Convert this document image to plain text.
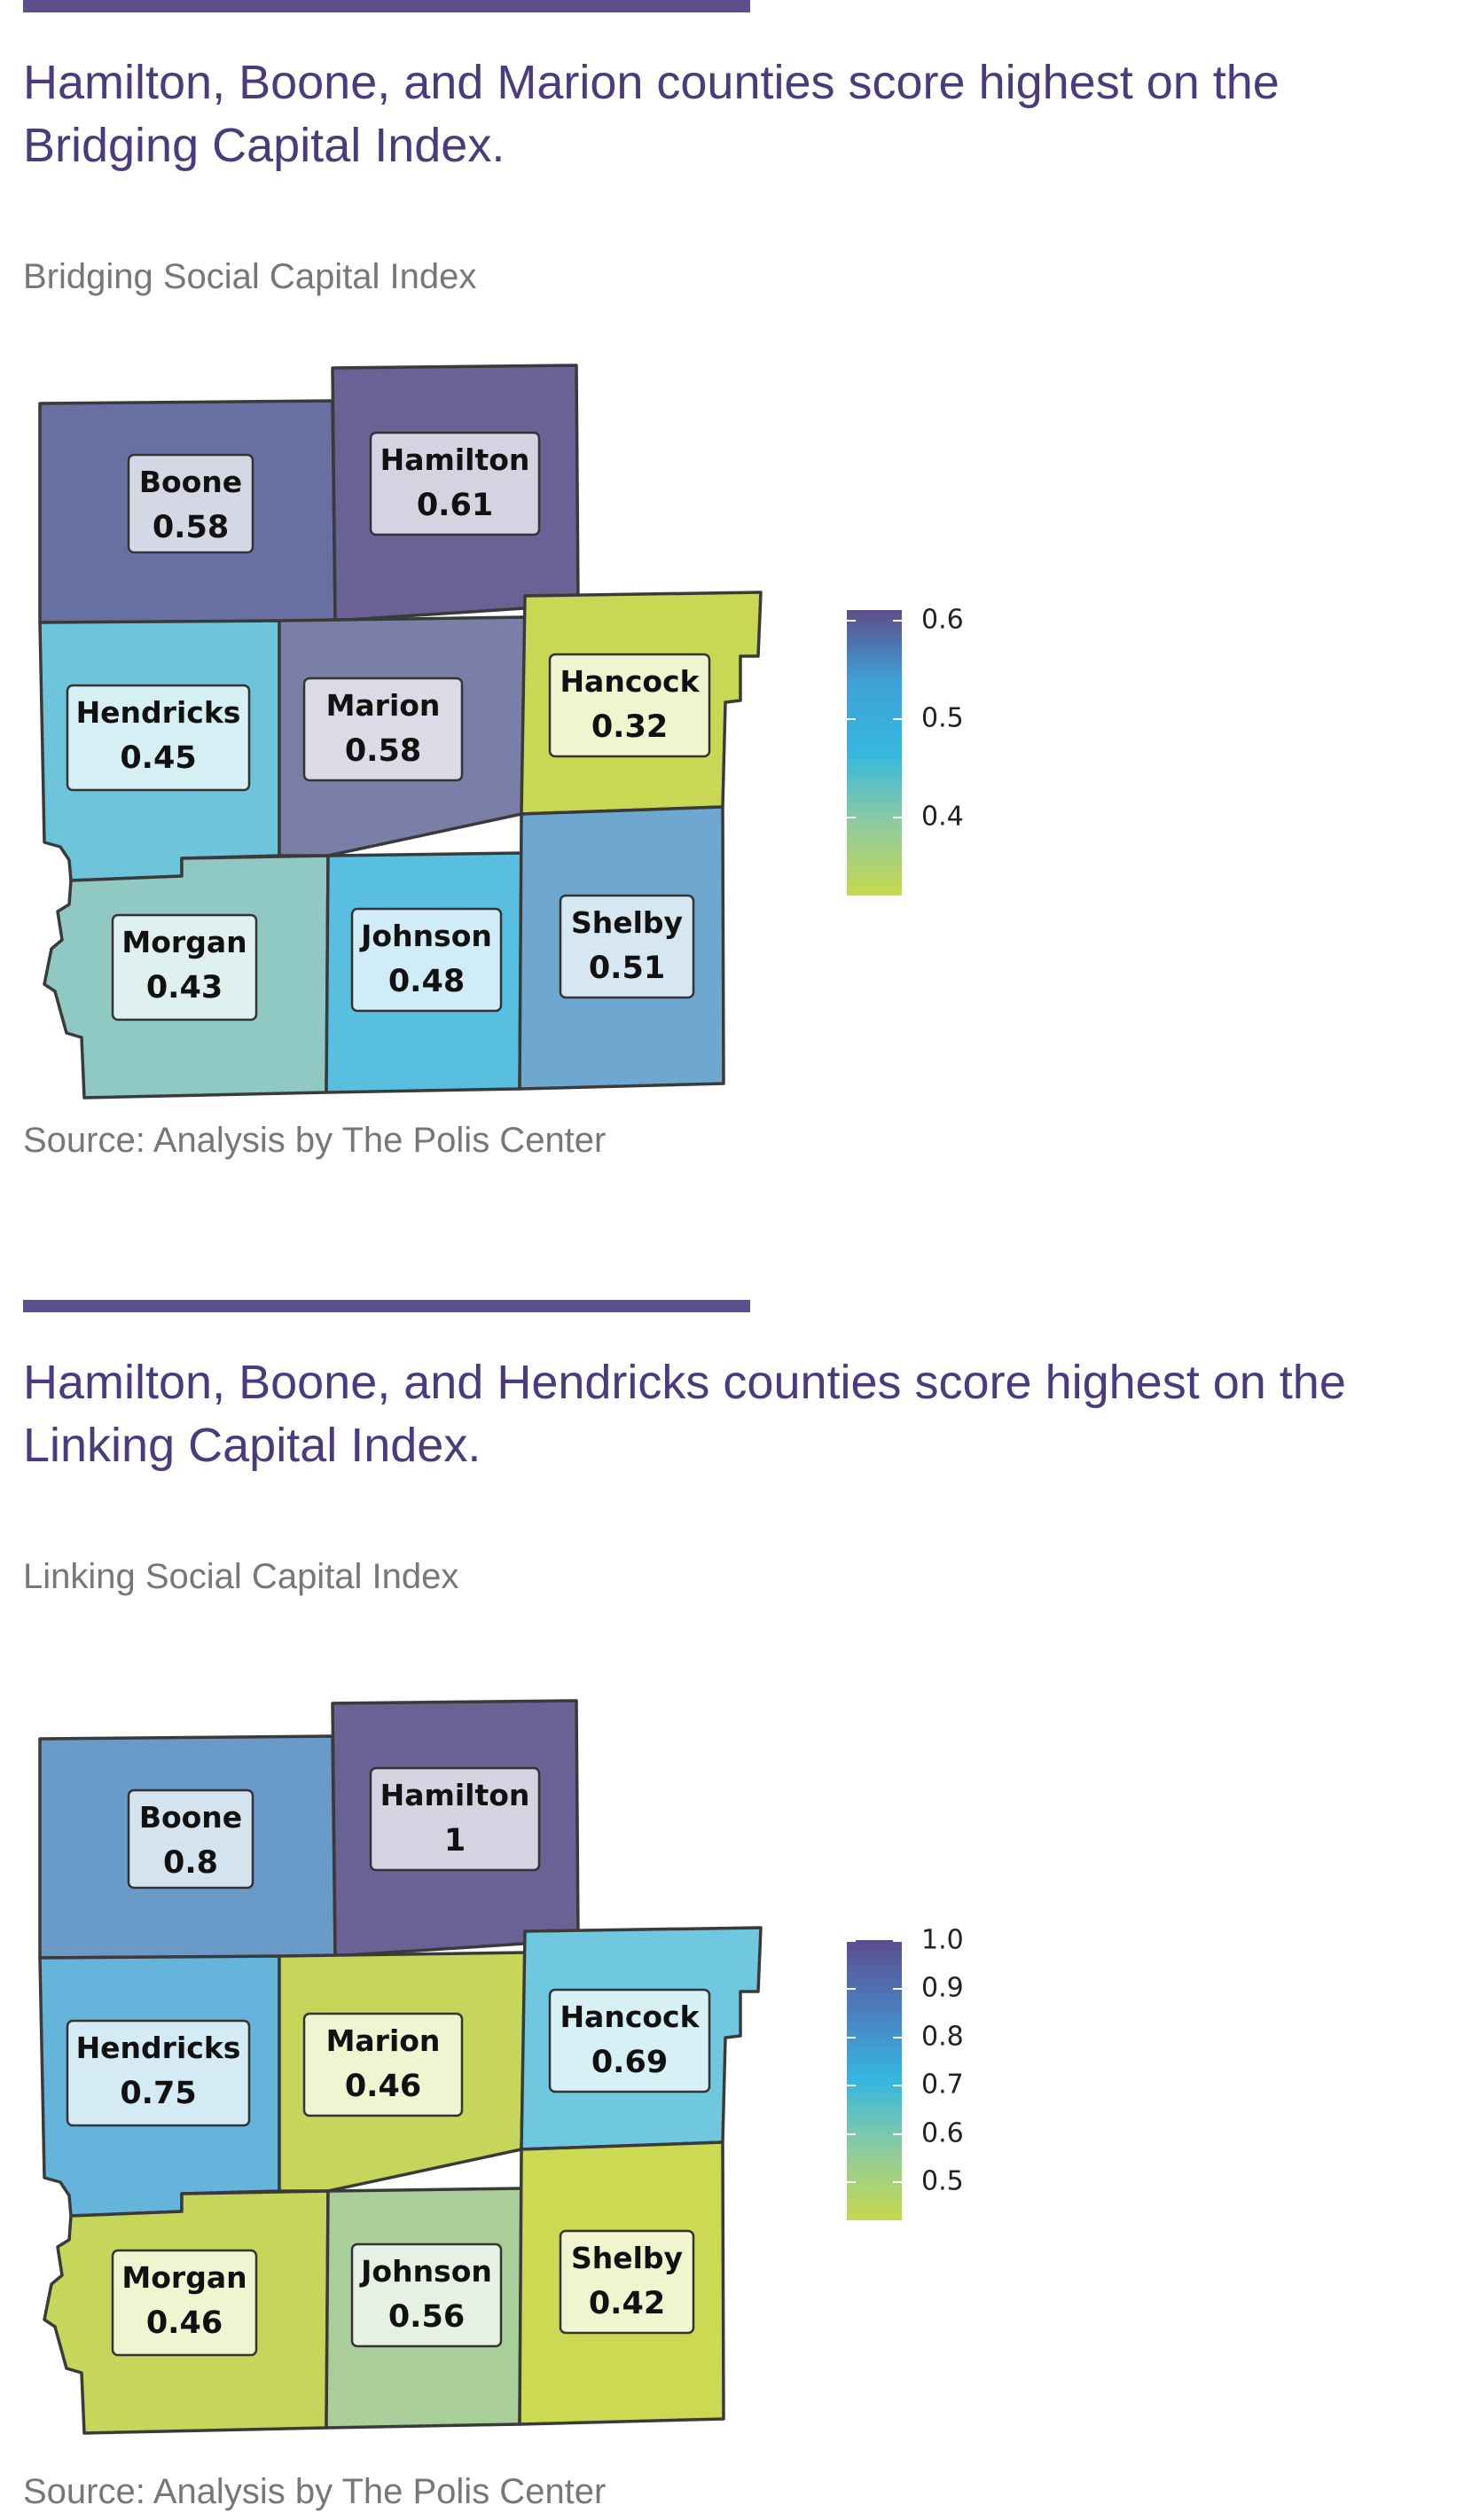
Hamilton, Boone, and Marion counties score highest on the Bridging Capital Index.
Bridging Social Capital Index
Boone
0.58
Hamilton
0.61
Hendricks
0.45
Marion
0.58
Hancock
0.32
Morgan
0.43
Johnson
0.48
Shelby
0.51
0.6
0.5
0.4
Source: Analysis by The Polis Center
Hamilton, Boone, and Hendricks counties score highest on the Linking Capital Index.
Linking Social Capital Index
Boone
0.8
Hamilton
1
Hendricks
0.75
Marion
0.46
Hancock
0.69
Morgan
0.46
Johnson
0.56
Shelby
0.42
1.0
0.9
0.8
0.7
0.6
0.5
Source: Analysis by The Polis Center
